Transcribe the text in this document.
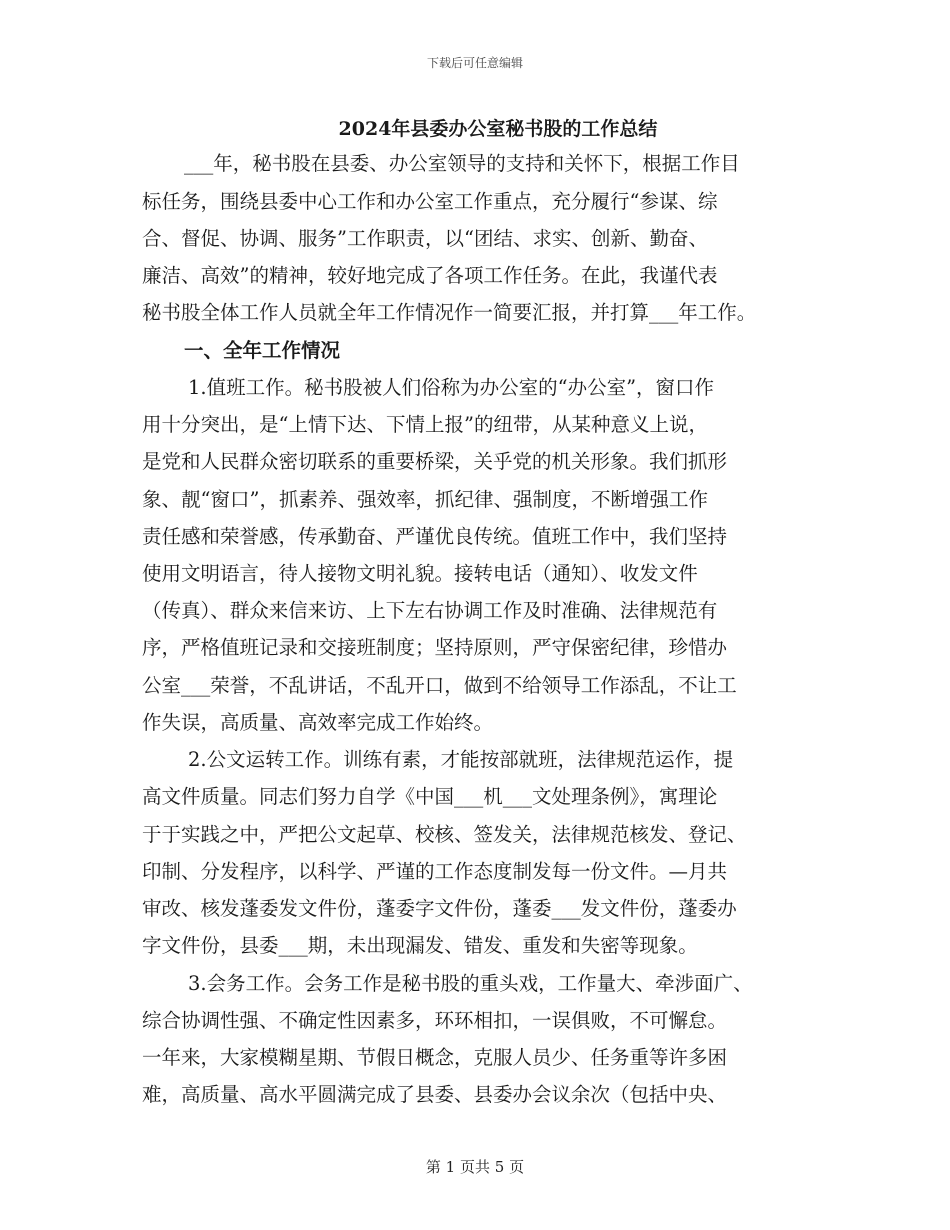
下载后可任意编辑
2024年县委办公室秘书股的工作总结
___年，秘书股在县委、办公室领导的支持和关怀下，根据工作目
标任务，围绕县委中心工作和办公室工作重点，充分履行“参谋、综
合、督促、协调、服务”工作职责，以“团结、求实、创新、勤奋、
廉洁、高效”的精神，较好地完成了各项工作任务。在此，我谨代表
秘书股全体工作人员就全年工作情况作一简要汇报，并打算___年工作。
一、全年工作情况
1.值班工作。秘书股被人们俗称为办公室的“办公室”，窗口作
用十分突出，是“上情下达、下情上报”的纽带，从某种意义上说，
是党和人民群众密切联系的重要桥梁，关乎党的机关形象。我们抓形
象、靓“窗口”，抓素养、强效率，抓纪律、强制度，不断增强工作
责任感和荣誉感，传承勤奋、严谨优良传统。值班工作中，我们坚持
使用文明语言，待人接物文明礼貌。接转电话（通知）、收发文件
（传真）、群众来信来访、上下左右协调工作及时准确、法律规范有
序，严格值班记录和交接班制度；坚持原则，严守保密纪律，珍惜办
公室___荣誉，不乱讲话，不乱开口，做到不给领导工作添乱，不让工
作失误，高质量、高效率完成工作始终。
2.公文运转工作。训练有素，才能按部就班，法律规范运作，提
高文件质量。同志们努力自学《中国___机___文处理条例》，寓理论
于于实践之中，严把公文起草、校核、签发关，法律规范核发、登记、
印制、分发程序，以科学、严谨的工作态度制发每一份文件。—月共
审改、核发蓬委发文件份，蓬委字文件份，蓬委___发文件份，蓬委办
字文件份，县委___期，未出现漏发、错发、重发和失密等现象。
3.会务工作。会务工作是秘书股的重头戏，工作量大、牵涉面广、
综合协调性强、不确定性因素多，环环相扣，一误俱败，不可懈怠。
一年来，大家模糊星期、节假日概念，克服人员少、任务重等许多困
难，高质量、高水平圆满完成了县委、县委办会议余次（包括中央、
第 1 页共 5 页
